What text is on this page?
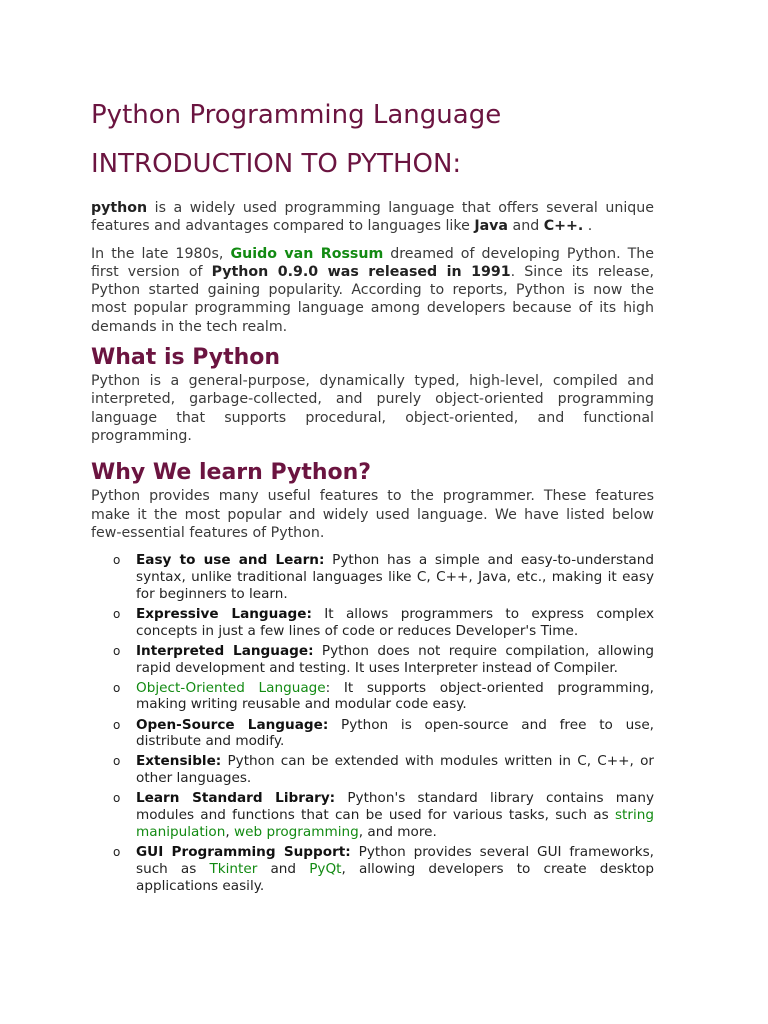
Python Programming Language
INTRODUCTION TO PYTHON:

python is a widely used programming language that offers several unique features and advantages compared to languages like Java and C++. .

In the late 1980s, Guido van Rossum dreamed of developing Python. The first version of Python 0.9.0 was released in 1991. Since its release, Python started gaining popularity. According to reports, Python is now the most popular programming language among developers because of its high demands in the tech realm.

What is Python

Python is a general-purpose, dynamically typed, high-level, compiled and interpreted, garbage-collected, and purely object-oriented programming language that supports procedural, object-oriented, and functional programming.

Why We learn Python?

Python provides many useful features to the programmer. These features make it the most popular and widely used language. We have listed below few-essential features of Python.

o Easy to use and Learn: Python has a simple and easy-to-understand syntax, unlike traditional languages like C, C++, Java, etc., making it easy for beginners to learn.
o Expressive Language: It allows programmers to express complex concepts in just a few lines of code or reduces Developer's Time.
o Interpreted Language: Python does not require compilation, allowing rapid development and testing. It uses Interpreter instead of Compiler.
o Object-Oriented Language: It supports object-oriented programming, making writing reusable and modular code easy.
o Open-Source Language: Python is open-source and free to use, distribute and modify.
o Extensible: Python can be extended with modules written in C, C++, or other languages.
o Learn Standard Library: Python's standard library contains many modules and functions that can be used for various tasks, such as string manipulation, web programming, and more.
o GUI Programming Support: Python provides several GUI frameworks, such as Tkinter and PyQt, allowing developers to create desktop applications easily.
